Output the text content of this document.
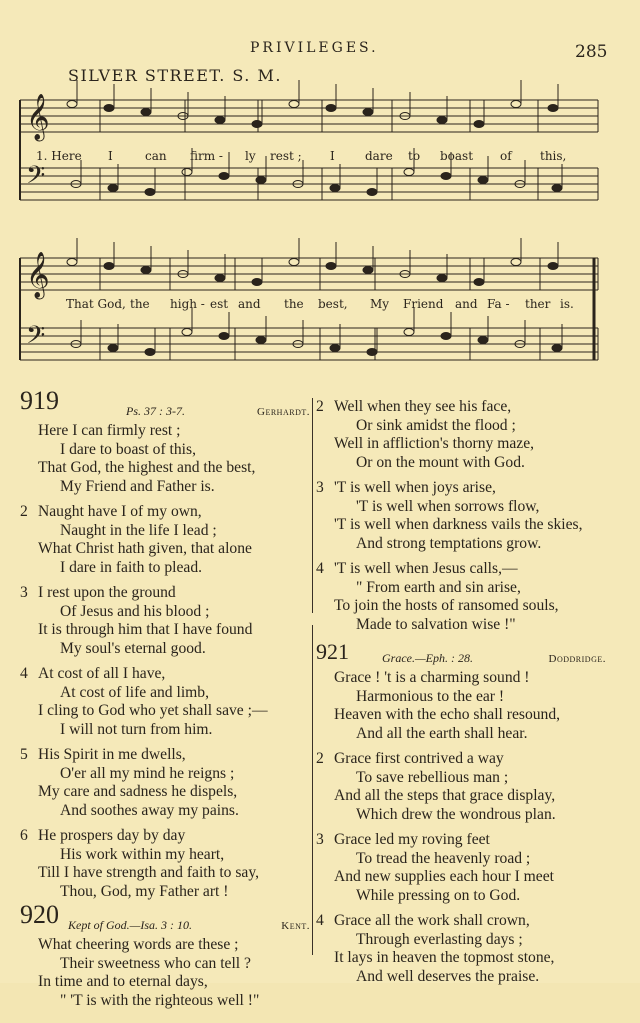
PRIVILEGES.	285
SILVER STREET. S. M.
𝄞
𝄢
𝄞
𝄢
1. Here I	can firm - ly rest ; I	dare to boast of this,
That God, the high - est and the best, My Friend and Fa - ther is.
919	Ps. 37 : 3-7.	Gerhardt.
Here I can firmly rest ;
I dare to boast of this,
That God, the highest and the best,
My Friend and Father is.
2 Naught have I of my own,
Naught in the life I lead ;
What Christ hath given, that alone
I dare in faith to plead.
3 I rest upon the ground
Of Jesus and his blood ;
It is through him that I have found
My soul's eternal good.
4 At cost of all I have,
At cost of life and limb,
I cling to God who yet shall save ;—
I will not turn from him.
5 His Spirit in me dwells,
O'er all my mind he reigns ;
My care and sadness he dispels,
And soothes away my pains.
6 He prospers day by day
His work within my heart,
Till I have strength and faith to say,
Thou, God, my Father art !
920 Kept of God.—Isa. 3 : 10.	Kent.
What cheering words are these ;
Their sweetness who can tell ?
In time and to eternal days,
" 'T is with the righteous well !"
2 Well when they see his face,
Or sink amidst the flood ;
Well in affliction's thorny maze,
Or on the mount with God.
3 'T is well when joys arise,
'T is well when sorrows flow,
'T is well when darkness vails the skies,
And strong temptations grow.
4 'T is well when Jesus calls,—
" From earth and sin arise,
To join the hosts of ransomed souls,
Made to salvation wise !"
921	Grace.—Eph. : 28.	Doddridge.
Grace ! 't is a charming sound !
Harmonious to the ear !
Heaven with the echo shall resound,
And all the earth shall hear.
2 Grace first contrived a way
To save rebellious man ;
And all the steps that grace display,
Which drew the wondrous plan.
3 Grace led my roving feet
To tread the heavenly road ;
And new supplies each hour I meet
While pressing on to God.
4 Grace all the work shall crown,
Through everlasting days ;
It lays in heaven the topmost stone,
And well deserves the praise.
